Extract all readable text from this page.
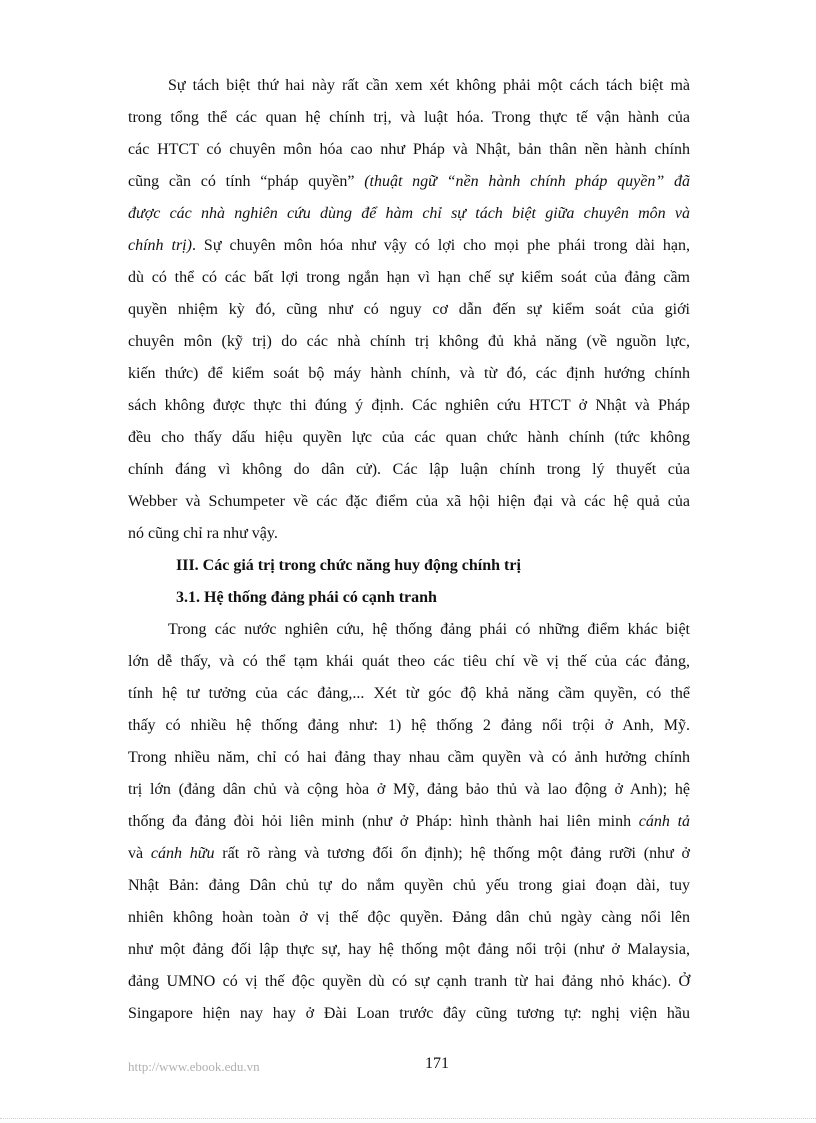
Sự tách biệt thứ hai này rất cần xem xét không phải một cách tách biệt mà
trong tổng thể các quan hệ chính trị, và luật hóa. Trong thực tế vận hành của
các HTCT có chuyên môn hóa cao như Pháp và Nhật, bản thân nền hành chính
cũng cần có tính “pháp quyền” (thuật ngữ “nền hành chính pháp quyền” đã
được các nhà nghiên cứu dùng để hàm chỉ sự tách biệt giữa chuyên môn và
chính trị). Sự chuyên môn hóa như vậy có lợi cho mọi phe phái trong dài hạn,
dù có thể có các bất lợi trong ngắn hạn vì hạn chế sự kiểm soát của đảng cầm
quyền nhiệm kỳ đó, cũng như có nguy cơ dẫn đến sự kiểm soát của giới
chuyên môn (kỹ trị) do các nhà chính trị không đủ khả năng (về nguồn lực,
kiến thức) để kiểm soát bộ máy hành chính, và từ đó, các định hướng chính
sách không được thực thi đúng ý định. Các nghiên cứu HTCT ở Nhật và Pháp
đều cho thấy dấu hiệu quyền lực của các quan chức hành chính (tức không
chính đáng vì không do dân cử). Các lập luận chính trong lý thuyết của
Webber và Schumpeter về các đặc điểm của xã hội hiện đại và các hệ quả của
nó cũng chỉ ra như vậy.
III. Các giá trị trong chức năng huy động chính trị
3.1. Hệ thống đảng phái có cạnh tranh
Trong các nước nghiên cứu, hệ thống đảng phái có những điểm khác biệt
lớn dễ thấy, và có thể tạm khái quát theo các tiêu chí về vị thế của các đảng,
tính hệ tư tưởng của các đảng,... Xét từ góc độ khả năng cầm quyền, có thể
thấy có nhiều hệ thống đảng như: 1) hệ thống 2 đảng nổi trội ở Anh, Mỹ.
Trong nhiều năm, chỉ có hai đảng thay nhau cầm quyền và có ảnh hưởng chính
trị lớn (đảng dân chủ và cộng hòa ở Mỹ, đảng bảo thủ và lao động ở Anh); hệ
thống đa đảng đòi hỏi liên minh (như ở Pháp: hình thành hai liên minh cánh tả
và cánh hữu rất rõ ràng và tương đối ổn định); hệ thống một đảng rưỡi (như ở
Nhật Bản: đảng Dân chủ tự do nắm quyền chủ yếu trong giai đoạn dài, tuy
nhiên không hoàn toàn ở vị thế độc quyền. Đảng dân chủ ngày càng nổi lên
như một đảng đối lập thực sự, hay hệ thống một đảng nổi trội (như ở Malaysia,
đảng UMNO có vị thế độc quyền dù có sự cạnh tranh từ hai đảng nhỏ khác). Ở
Singapore hiện nay hay ở Đài Loan trước đây cũng tương tự: nghị viện hầu
http://www.ebook.edu.vn	171
